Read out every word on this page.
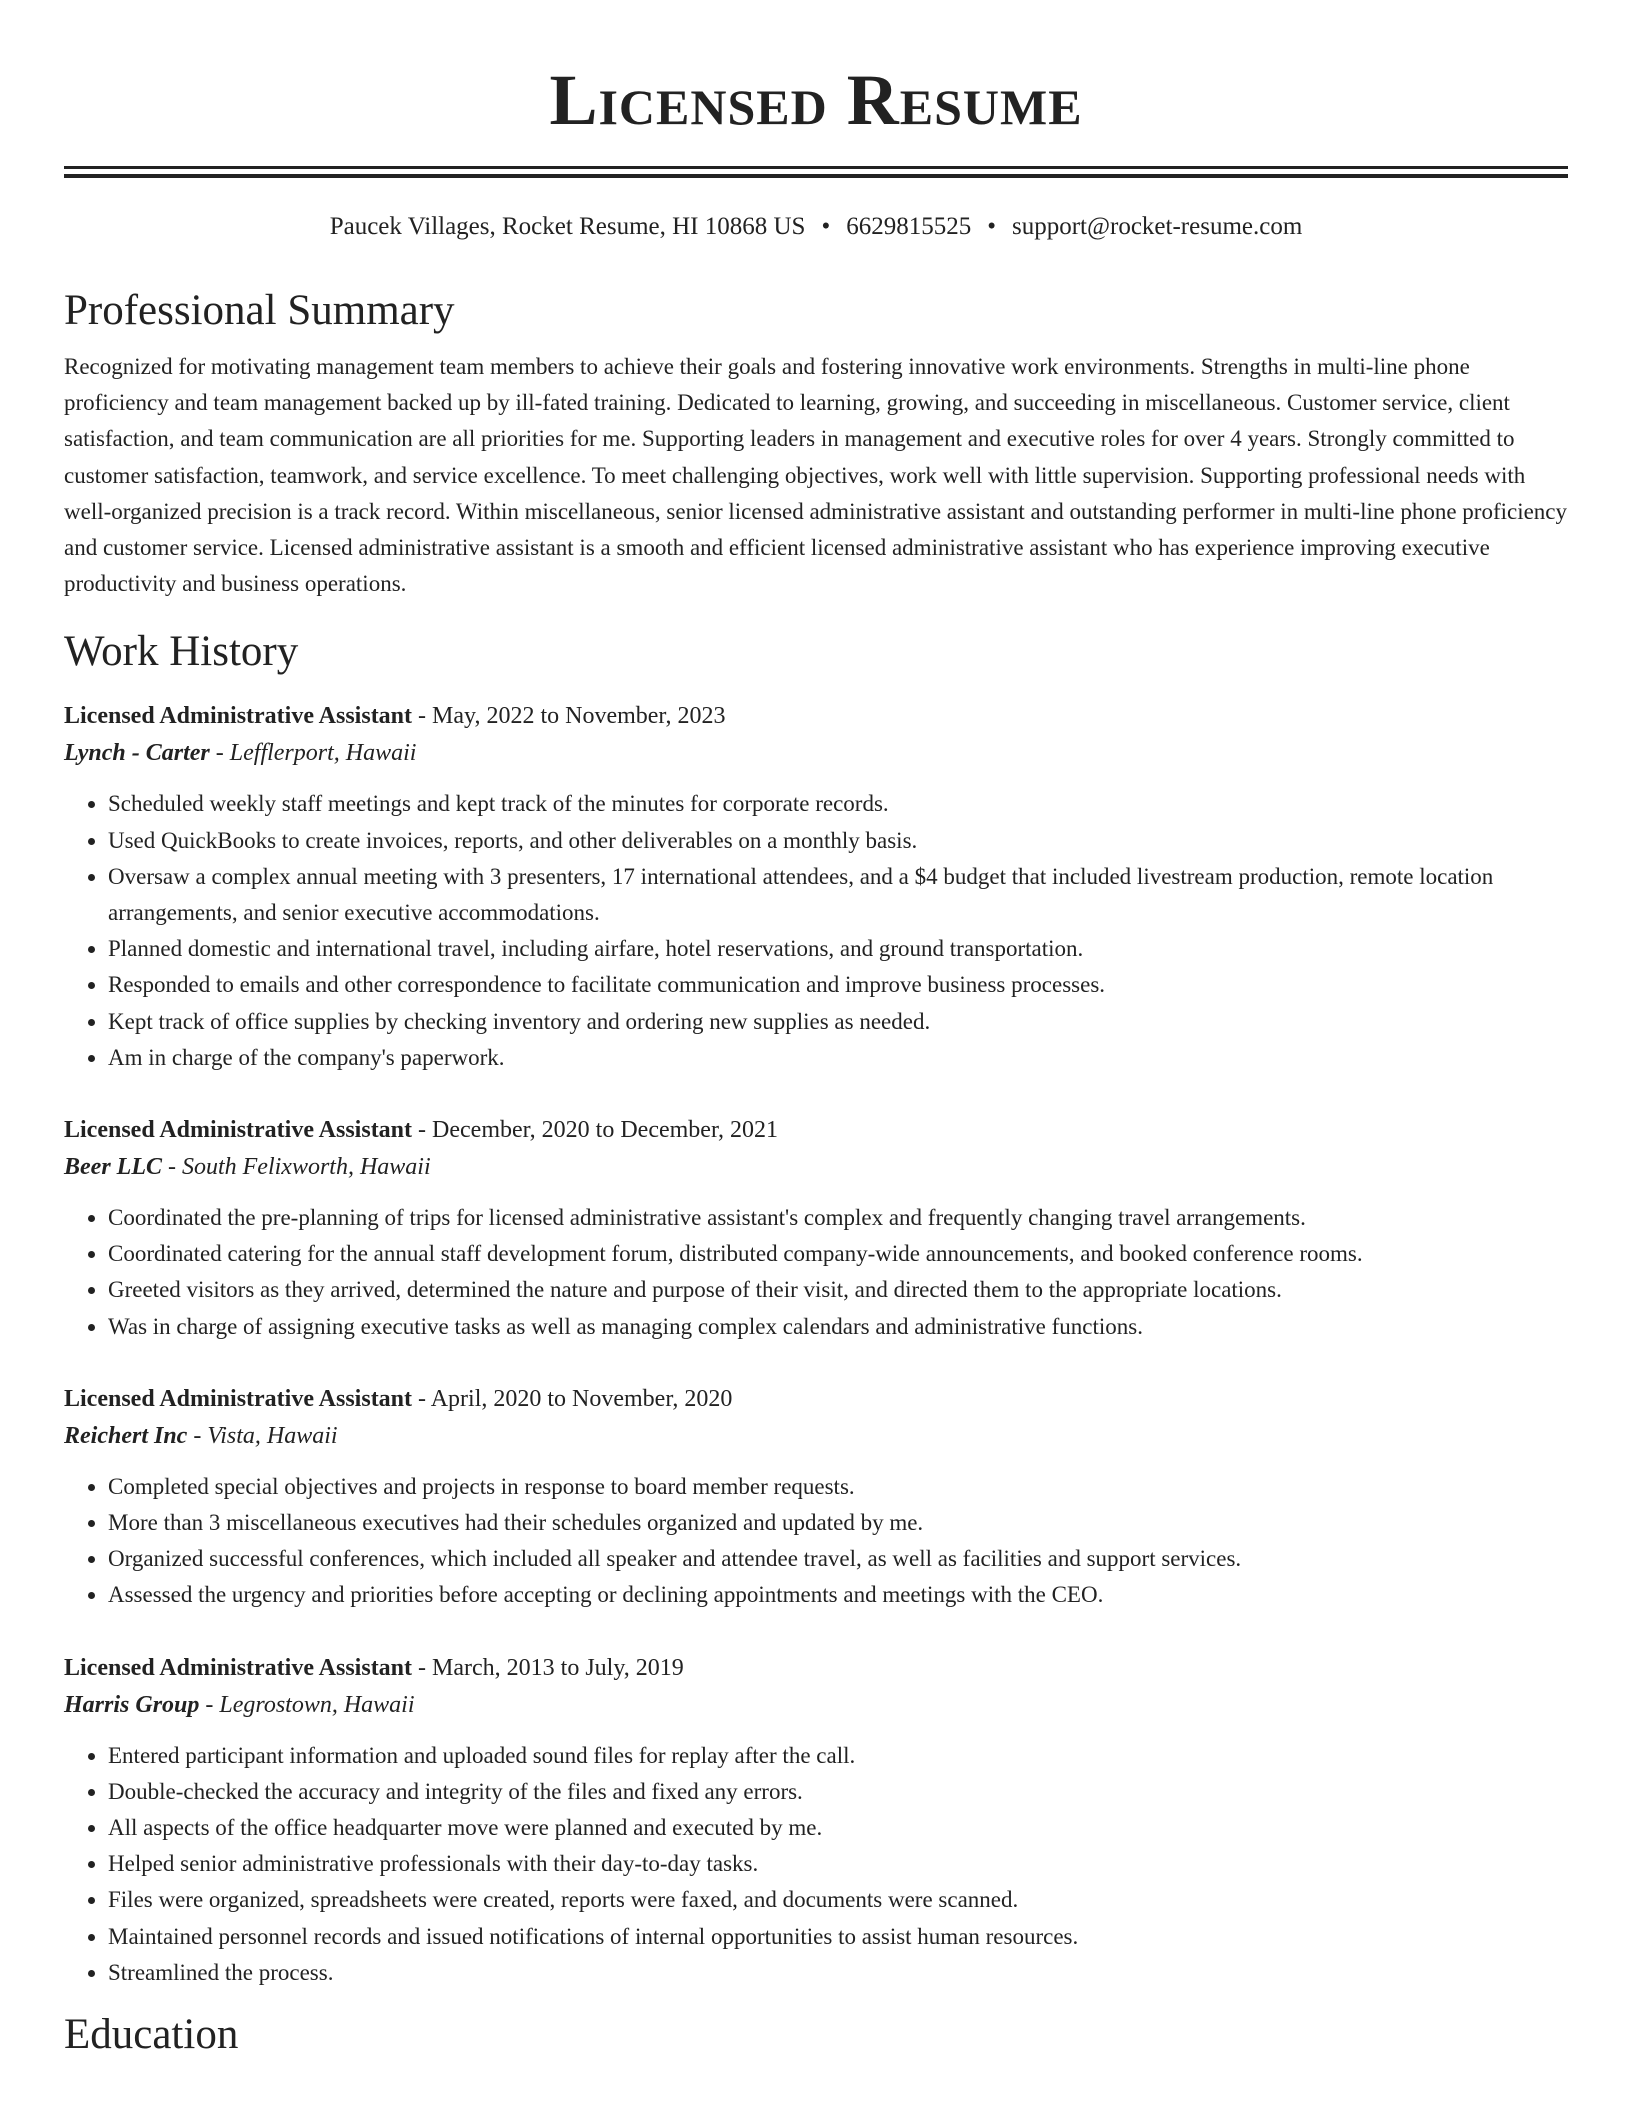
Licensed Resume
Paucek Villages, Rocket Resume, HI 10868 US • 6629815525 • support@rocket-resume.com
Professional Summary

Recognized for motivating management team members to achieve their goals and fostering innovative work environments. Strengths in multi-line phone proficiency and team management backed up by ill-fated training. Dedicated to learning, growing, and succeeding in miscellaneous. Customer service, client satisfaction, and team communication are all priorities for me. Supporting leaders in management and executive roles for over 4 years. Strongly committed to customer satisfaction, teamwork, and service excellence. To meet challenging objectives, work well with little supervision. Supporting professional needs with well-organized precision is a track record. Within miscellaneous, senior licensed administrative assistant and outstanding performer in multi-line phone proficiency and customer service. Licensed administrative assistant is a smooth and efficient licensed administrative assistant who has experience improving executive productivity and business operations.

Work History

Licensed Administrative Assistant - May, 2022 to November, 2023

Lynch - Carter - Lefflerport, Hawaii

• Scheduled weekly staff meetings and kept track of the minutes for corporate records.
• Used QuickBooks to create invoices, reports, and other deliverables on a monthly basis.
• Oversaw a complex annual meeting with 3 presenters, 17 international attendees, and a $4 budget that included livestream production, remote location arrangements, and senior executive accommodations.
• Planned domestic and international travel, including airfare, hotel reservations, and ground transportation.
• Responded to emails and other correspondence to facilitate communication and improve business processes.
• Kept track of office supplies by checking inventory and ordering new supplies as needed.
• Am in charge of the company's paperwork.

Licensed Administrative Assistant - December, 2020 to December, 2021

Beer LLC - South Felixworth, Hawaii

• Coordinated the pre-planning of trips for licensed administrative assistant's complex and frequently changing travel arrangements.
• Coordinated catering for the annual staff development forum, distributed company-wide announcements, and booked conference rooms.
• Greeted visitors as they arrived, determined the nature and purpose of their visit, and directed them to the appropriate locations.
• Was in charge of assigning executive tasks as well as managing complex calendars and administrative functions.

Licensed Administrative Assistant - April, 2020 to November, 2020

Reichert Inc - Vista, Hawaii

• Completed special objectives and projects in response to board member requests.
• More than 3 miscellaneous executives had their schedules organized and updated by me.
• Organized successful conferences, which included all speaker and attendee travel, as well as facilities and support services.
• Assessed the urgency and priorities before accepting or declining appointments and meetings with the CEO.

Licensed Administrative Assistant - March, 2013 to July, 2019

Harris Group - Legrostown, Hawaii

• Entered participant information and uploaded sound files for replay after the call.
• Double-checked the accuracy and integrity of the files and fixed any errors.
• All aspects of the office headquarter move were planned and executed by me.
• Helped senior administrative professionals with their day-to-day tasks.
• Files were organized, spreadsheets were created, reports were faxed, and documents were scanned.
• Maintained personnel records and issued notifications of internal opportunities to assist human resources.
• Streamlined the process.
Education
